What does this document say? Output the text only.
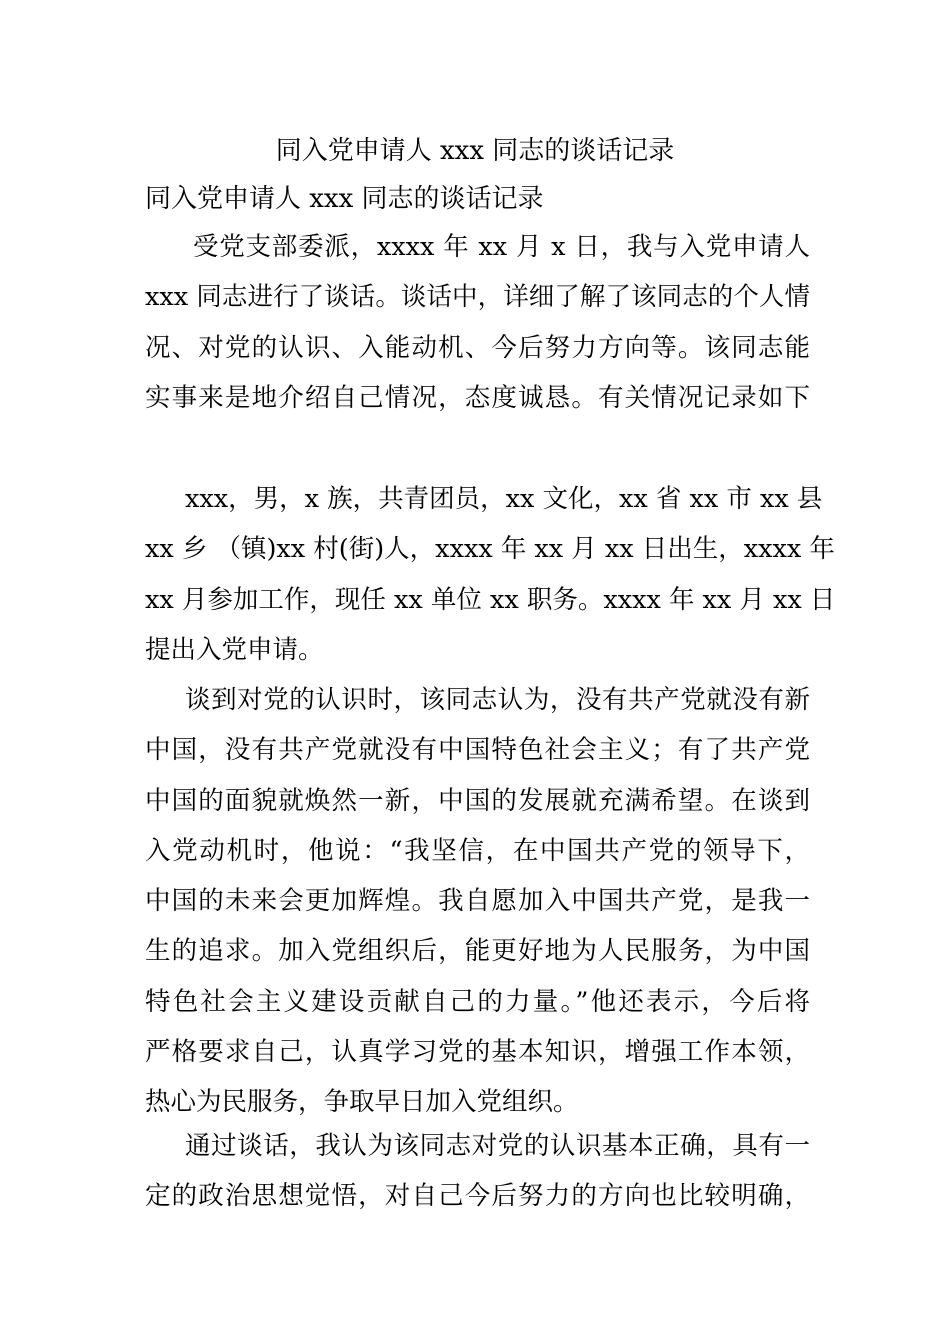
同入党申请人 xxx 同志的谈话记录
同入党申请人 xxx 同志的谈话记录
受党支部委派，xxxx 年 xx 月 x 日，我与入党申请人
xxx 同志进行了谈话。谈话中，详细了解了该同志的个人情
况、对党的认识、入能动机、今后努力方向等。该同志能
实事来是地介绍自己情况，态度诚恳。有关情况记录如下
：
xxx，男，x 族，共青团员，xx 文化，xx 省 xx 市 xx 县
xx 乡 （镇)xx 村(街)人，xxxx 年 xx 月 xx 日出生，xxxx 年
xx 月参加工作，现任 xx 单位 xx 职务。xxxx 年 xx 月 xx 日
提出入党申请。
谈到对党的认识时，该同志认为，没有共产党就没有新
中国，没有共产党就没有中国特色社会主义；有了共产党
中国的面貌就焕然一新，中国的发展就充满希望。在谈到
入党动机时，他说：“我坚信，在中国共产党的领导下，
中国的未来会更加辉煌。我自愿加入中国共产党，是我一
生的追求。加入党组织后，能更好地为人民服务，为中国
特色社会主义建设贡献自己的力量。”他还表示，今后将
严格要求自己，认真学习党的基本知识，增强工作本领，
热心为民服务，争取早日加入党组织。
通过谈话，我认为该同志对党的认识基本正确，具有一
定的政治思想觉悟，对自己今后努力的方向也比较明确，
